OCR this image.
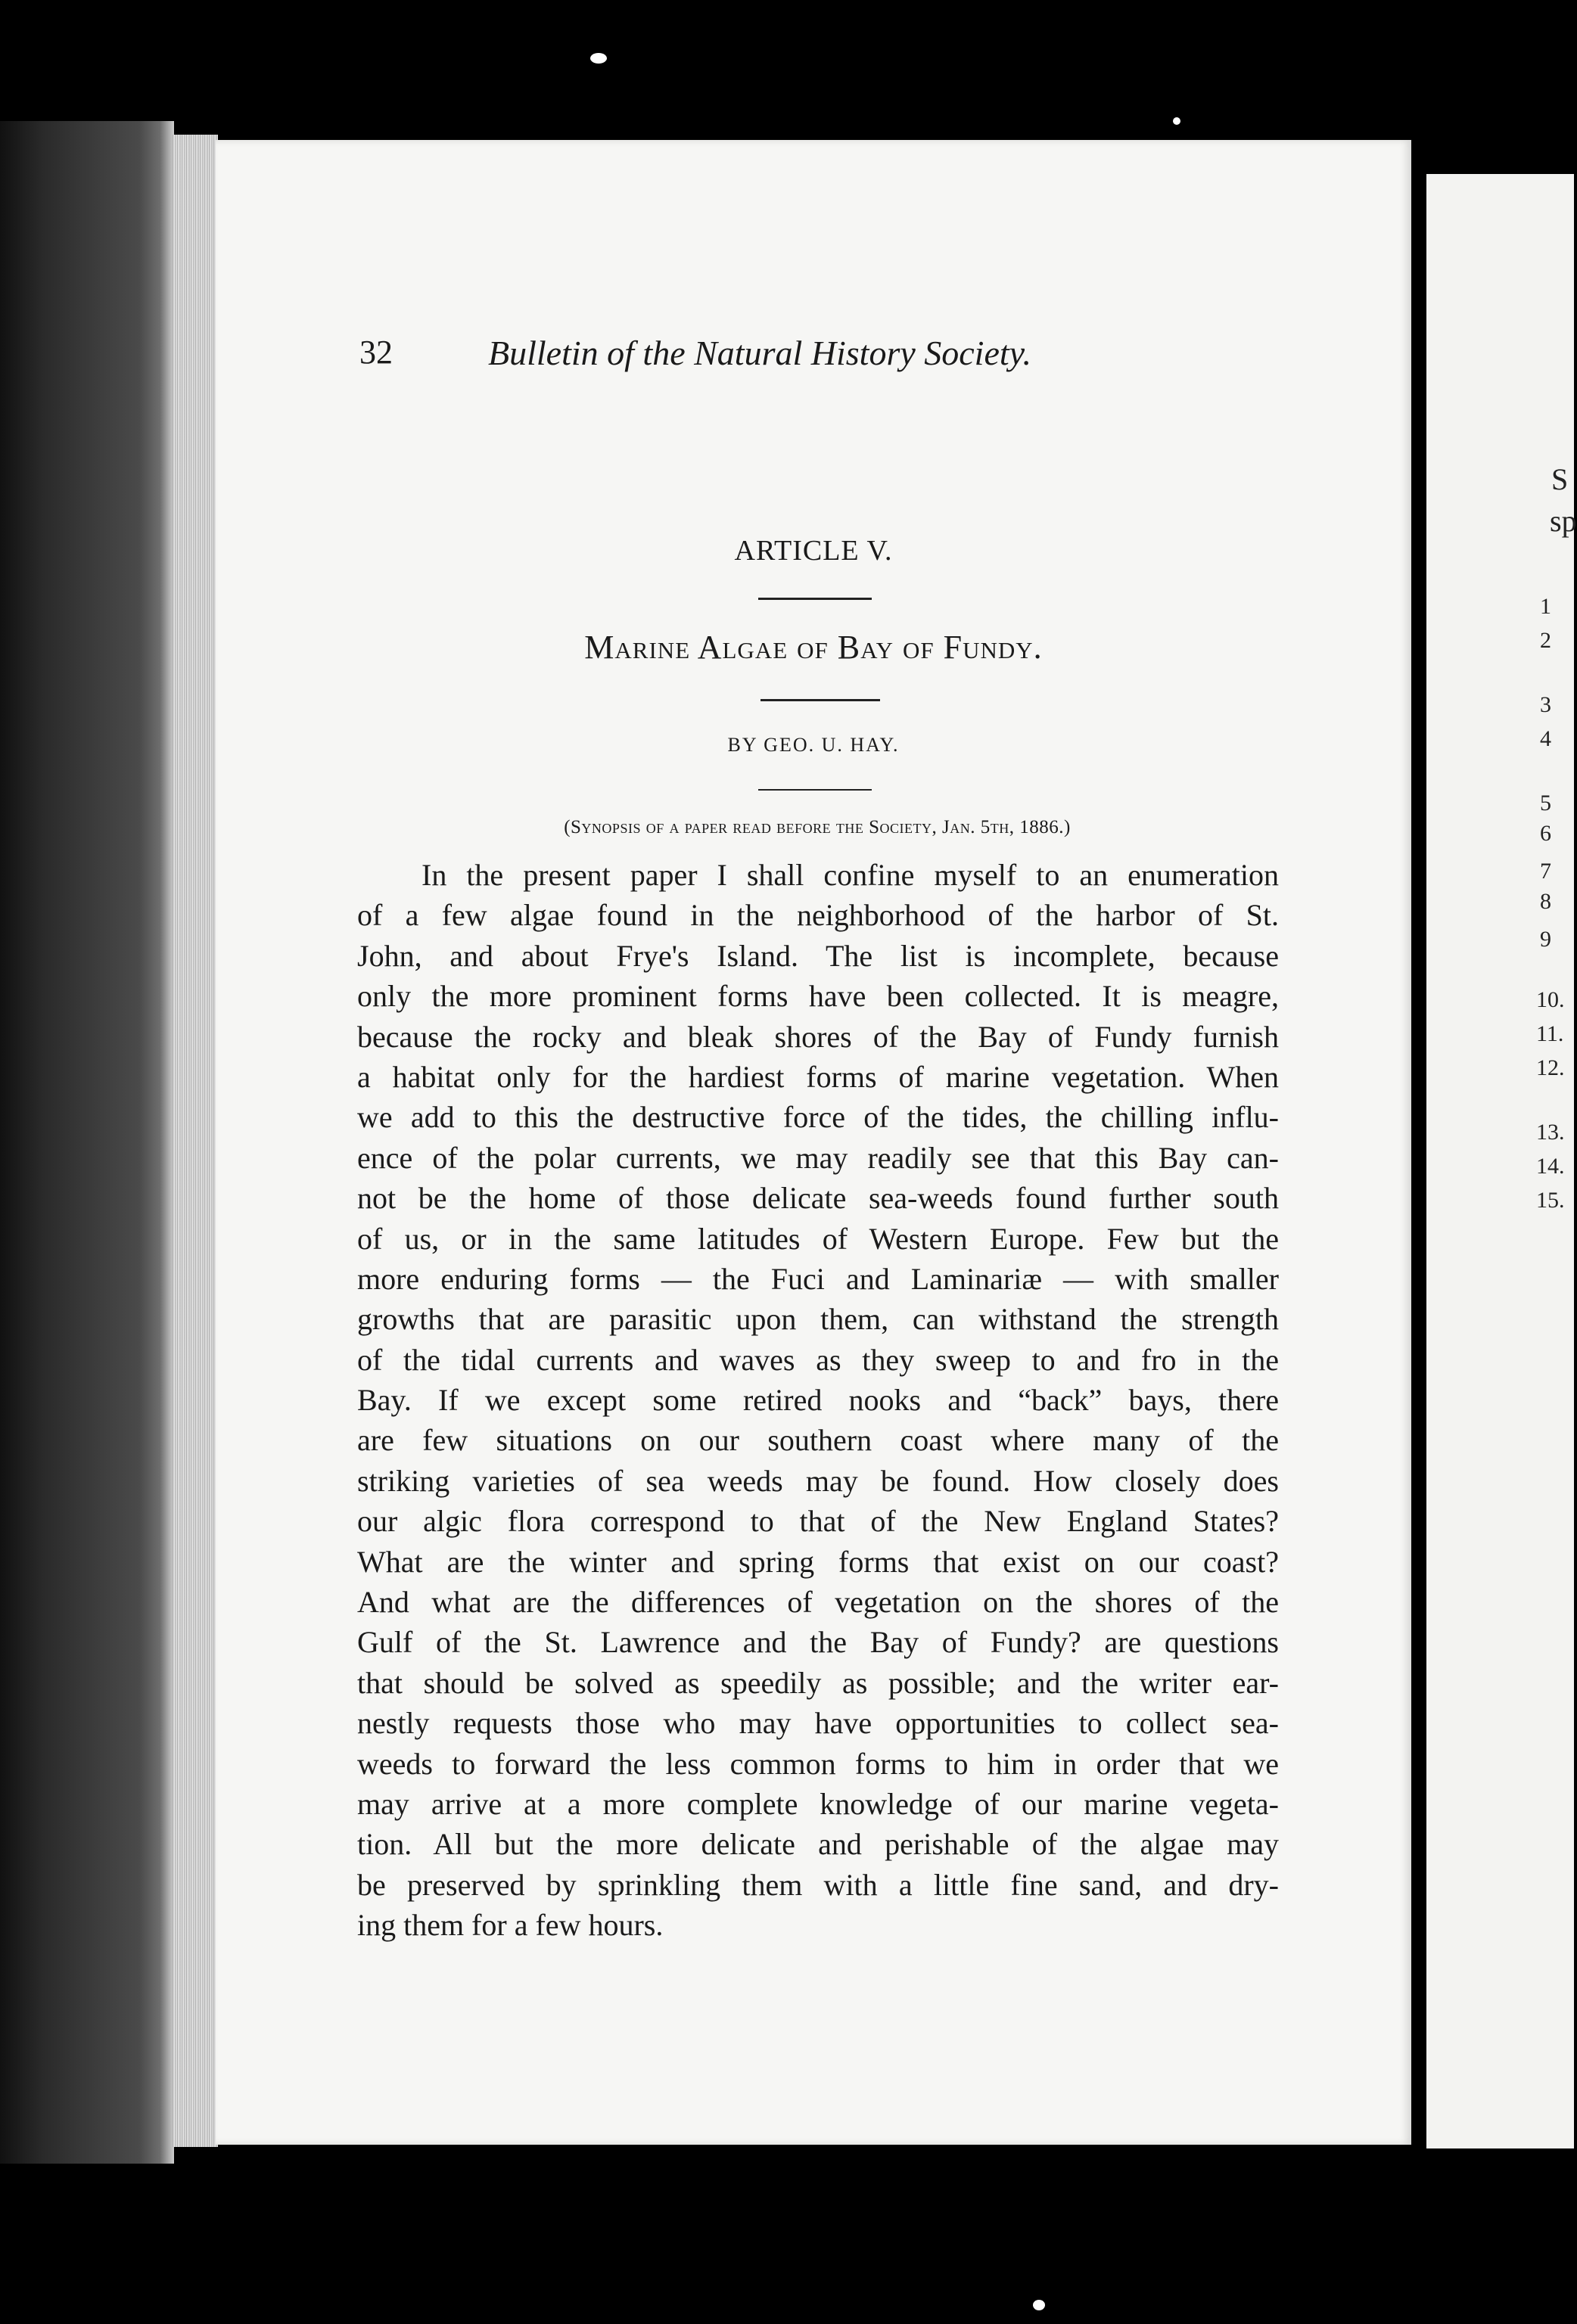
32	Bulletin of the Natural History Society.
ARTICLE V.
Marine Algae of Bay of Fundy.
BY GEO. U. HAY.
(Synopsis of a paper read before the Society, Jan. 5th, 1886.)
In the present paper I shall confine myself to an enumeration
of a few algae found in the neighborhood of the harbor of St.
John, and about Frye's Island. The list is incomplete, because
only the more prominent forms have been collected. It is meagre,
because the rocky and bleak shores of the Bay of Fundy furnish
a habitat only for the hardiest forms of marine vegetation. When
we add to this the destructive force of the tides, the chilling influ-
ence of the polar currents, we may readily see that this Bay can-
not be the home of those delicate sea-weeds found further south
of us, or in the same latitudes of Western Europe. Few but the
more enduring forms — the Fuci and Laminariæ — with smaller
growths that are parasitic upon them, can withstand the strength
of the tidal currents and waves as they sweep to and fro in the
Bay. If we except some retired nooks and “back” bays, there
are few situations on our southern coast where many of the
striking varieties of sea weeds may be found. How closely does
our algic flora correspond to that of the New England States?
What are the winter and spring forms that exist on our coast?
And what are the differences of vegetation on the shores of the
Gulf of the St. Lawrence and the Bay of Fundy? are questions
that should be solved as speedily as possible; and the writer ear-
nestly requests those who may have opportunities to collect sea-
weeds to forward the less common forms to him in order that we
may arrive at a more complete knowledge of our marine vegeta-
tion. All but the more delicate and perishable of the algae may
be preserved by sprinkling them with a little fine sand, and dry-
ing them for a few hours.
S
sp
1
2
3
4
5
6
7
8
9
10.
11.
12.
13.
14.
15.
